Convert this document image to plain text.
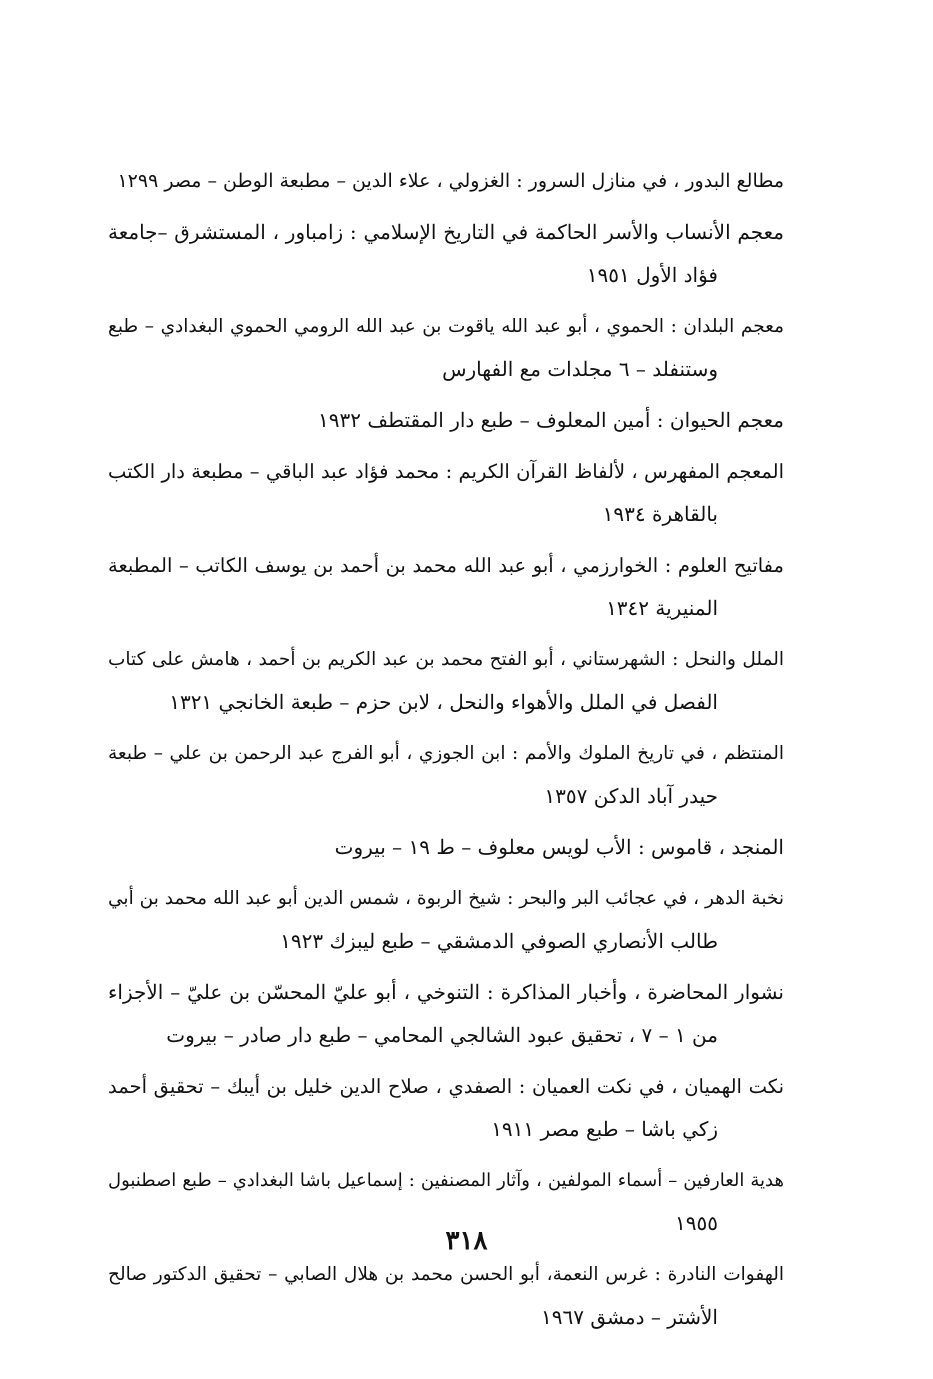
مطالع البدور ، في منازل السرور : الغزولي ، علاء الدين – مطبعة الوطن – مصر ١٢٩٩
معجم الأنساب والأسر الحاكمة في التاريخ الإسلامي : زامباور ، المستشرق –جامعة
فؤاد الأول ١٩٥١
معجم البلدان : الحموي ، أبو عبد الله ياقوت بن عبد الله الرومي الحموي البغدادي – طبع
وستنفلد – ٦ مجلدات مع الفهارس
معجم الحيوان : أمين المعلوف – طبع دار المقتطف ١٩٣٢
المعجم المفهرس ، لألفاظ القرآن الكريم : محمد فؤاد عبد الباقي – مطبعة دار الكتب
بالقاهرة ١٩٣٤
مفاتيح العلوم : الخوارزمي ، أبو عبد الله محمد بن أحمد بن يوسف الكاتب – المطبعة
المنيرية ١٣٤٢
الملل والنحل : الشهرستاني ، أبو الفتح محمد بن عبد الكريم بن أحمد ، هامش على كتاب
الفصل في الملل والأهواء والنحل ، لابن حزم – طبعة الخانجي ١٣٢١
المنتظم ، في تاريخ الملوك والأمم : ابن الجوزي ، أبو الفرج عبد الرحمن بن علي – طبعة
حيدر آباد الدكن ١٣٥٧
المنجد ، قاموس : الأب لويس معلوف – ط ١٩ – بيروت
نخبة الدهر ، في عجائب البر والبحر : شيخ الربوة ، شمس الدين أبو عبد الله محمد بن أبي
طالب الأنصاري الصوفي الدمشقي – طبع ليبزك ١٩٢٣
نشوار المحاضرة ، وأخبار المذاكرة : التنوخي ، أبو عليّ المحسّن بن عليّ – الأجزاء
من ١ – ٧ ، تحقيق عبود الشالجي المحامي – طبع دار صادر – بيروت
نكت الهميان ، في نكت العميان : الصفدي ، صلاح الدين خليل بن أيبك – تحقيق أحمد
زكي باشا – طبع مصر ١٩١١
هدية العارفين – أسماء المولفين ، وآثار المصنفين : إسماعيل باشا البغدادي – طبع اصطنبول
١٩٥٥
الهفوات النادرة : غرس النعمة، أبو الحسن محمد بن هلال الصابي – تحقيق الدكتور صالح
الأشتر – دمشق ١٩٦٧
٣١٨
